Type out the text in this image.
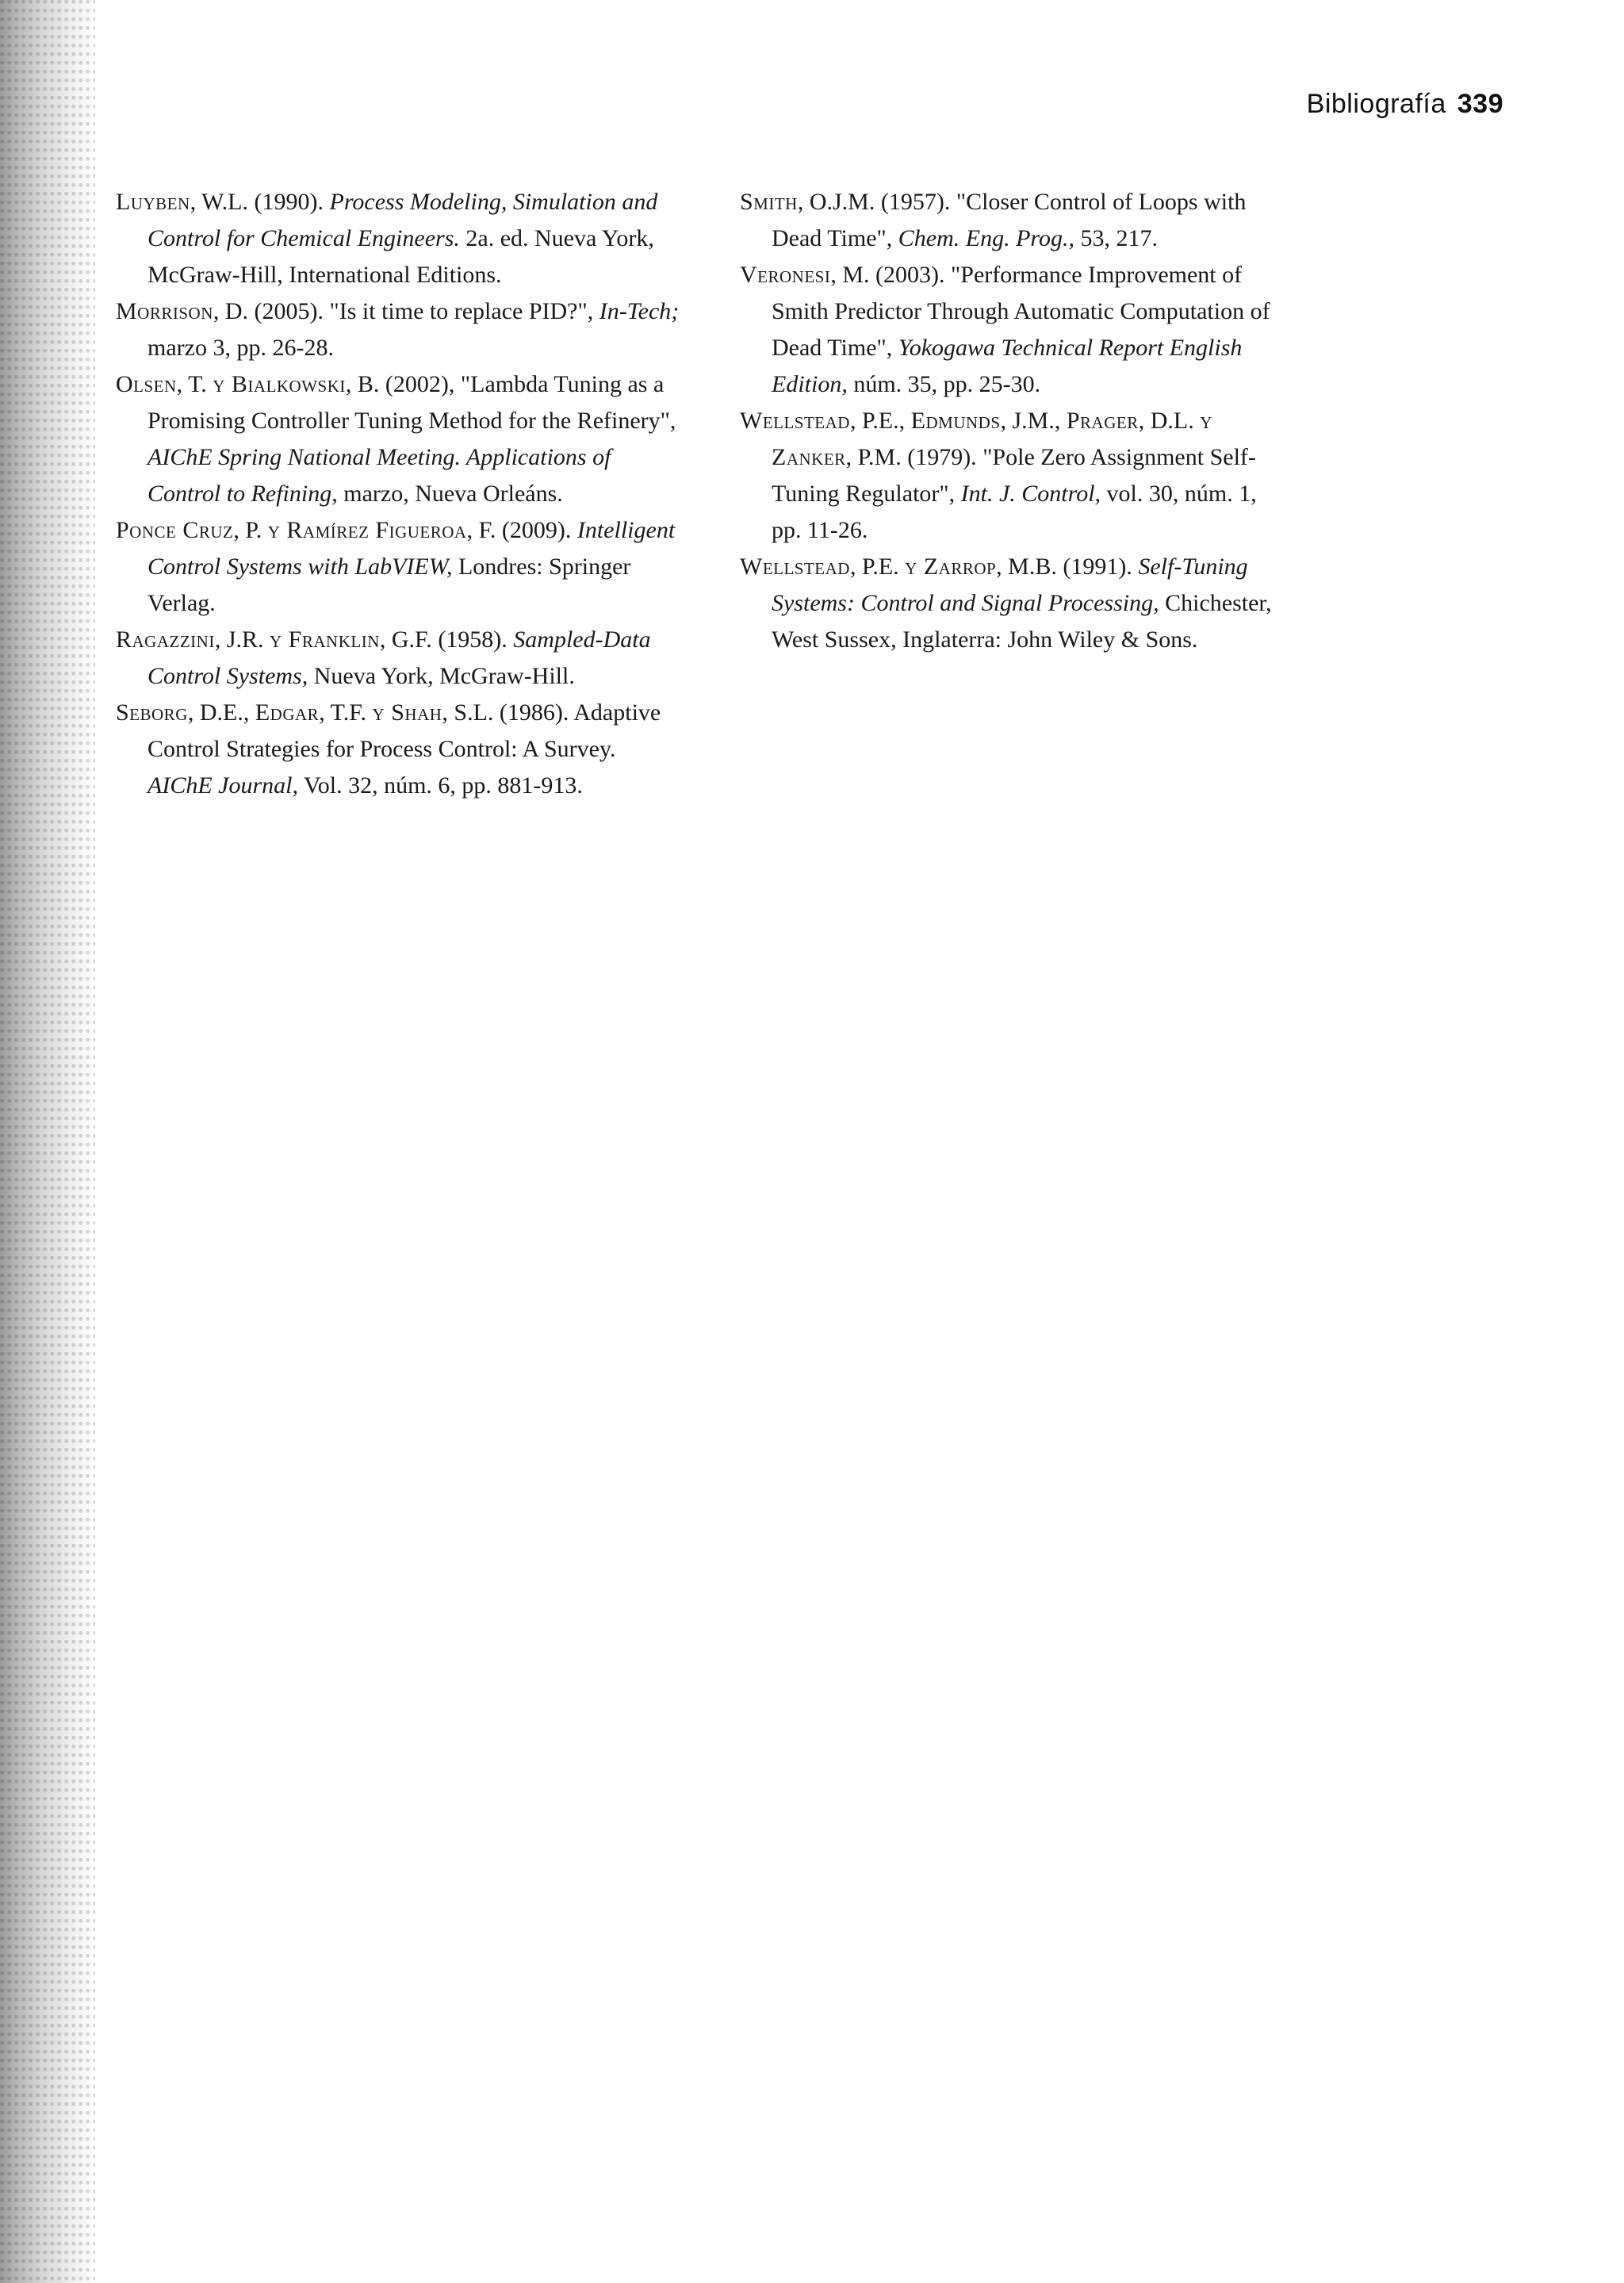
Bibliografía 339

Luyben, W.L. (1990). Process Modeling, Simulation and Control for Chemical Engineers. 2a. ed. Nueva York, McGraw-Hill, International Editions.

Morrison, D. (2005). "Is it time to replace PID?", In-Tech; marzo 3, pp. 26-28.

Olsen, T. y Bialkowski, B. (2002), "Lambda Tuning as a Promising Controller Tuning Method for the Refinery", AIChE Spring National Meeting. Applications of Control to Refining, marzo, Nueva Orleáns.

Ponce Cruz, P. y Ramírez Figueroa, F. (2009). Intelligent Control Systems with LabVIEW, Londres: Springer Verlag.

Ragazzini, J.R. y Franklin, G.F. (1958). Sampled-Data Control Systems, Nueva York, McGraw-Hill.

Seborg, D.E., Edgar, T.F. y Shah, S.L. (1986). Adaptive Control Strategies for Process Control: A Survey. AIChE Journal, Vol. 32, núm. 6, pp. 881-913.

Smith, O.J.M. (1957). "Closer Control of Loops with Dead Time", Chem. Eng. Prog., 53, 217.

Veronesi, M. (2003). "Performance Improvement of Smith Predictor Through Automatic Computation of Dead Time", Yokogawa Technical Report English Edition, núm. 35, pp. 25-30.

Wellstead, P.E., Edmunds, J.M., Prager, D.L. y Zanker, P.M. (1979). "Pole Zero Assignment Self-Tuning Regulator", Int. J. Control, vol. 30, núm. 1, pp. 11-26.

Wellstead, P.E. y Zarrop, M.B. (1991). Self-Tuning Systems: Control and Signal Processing, Chichester, West Sussex, Inglaterra: John Wiley & Sons.
